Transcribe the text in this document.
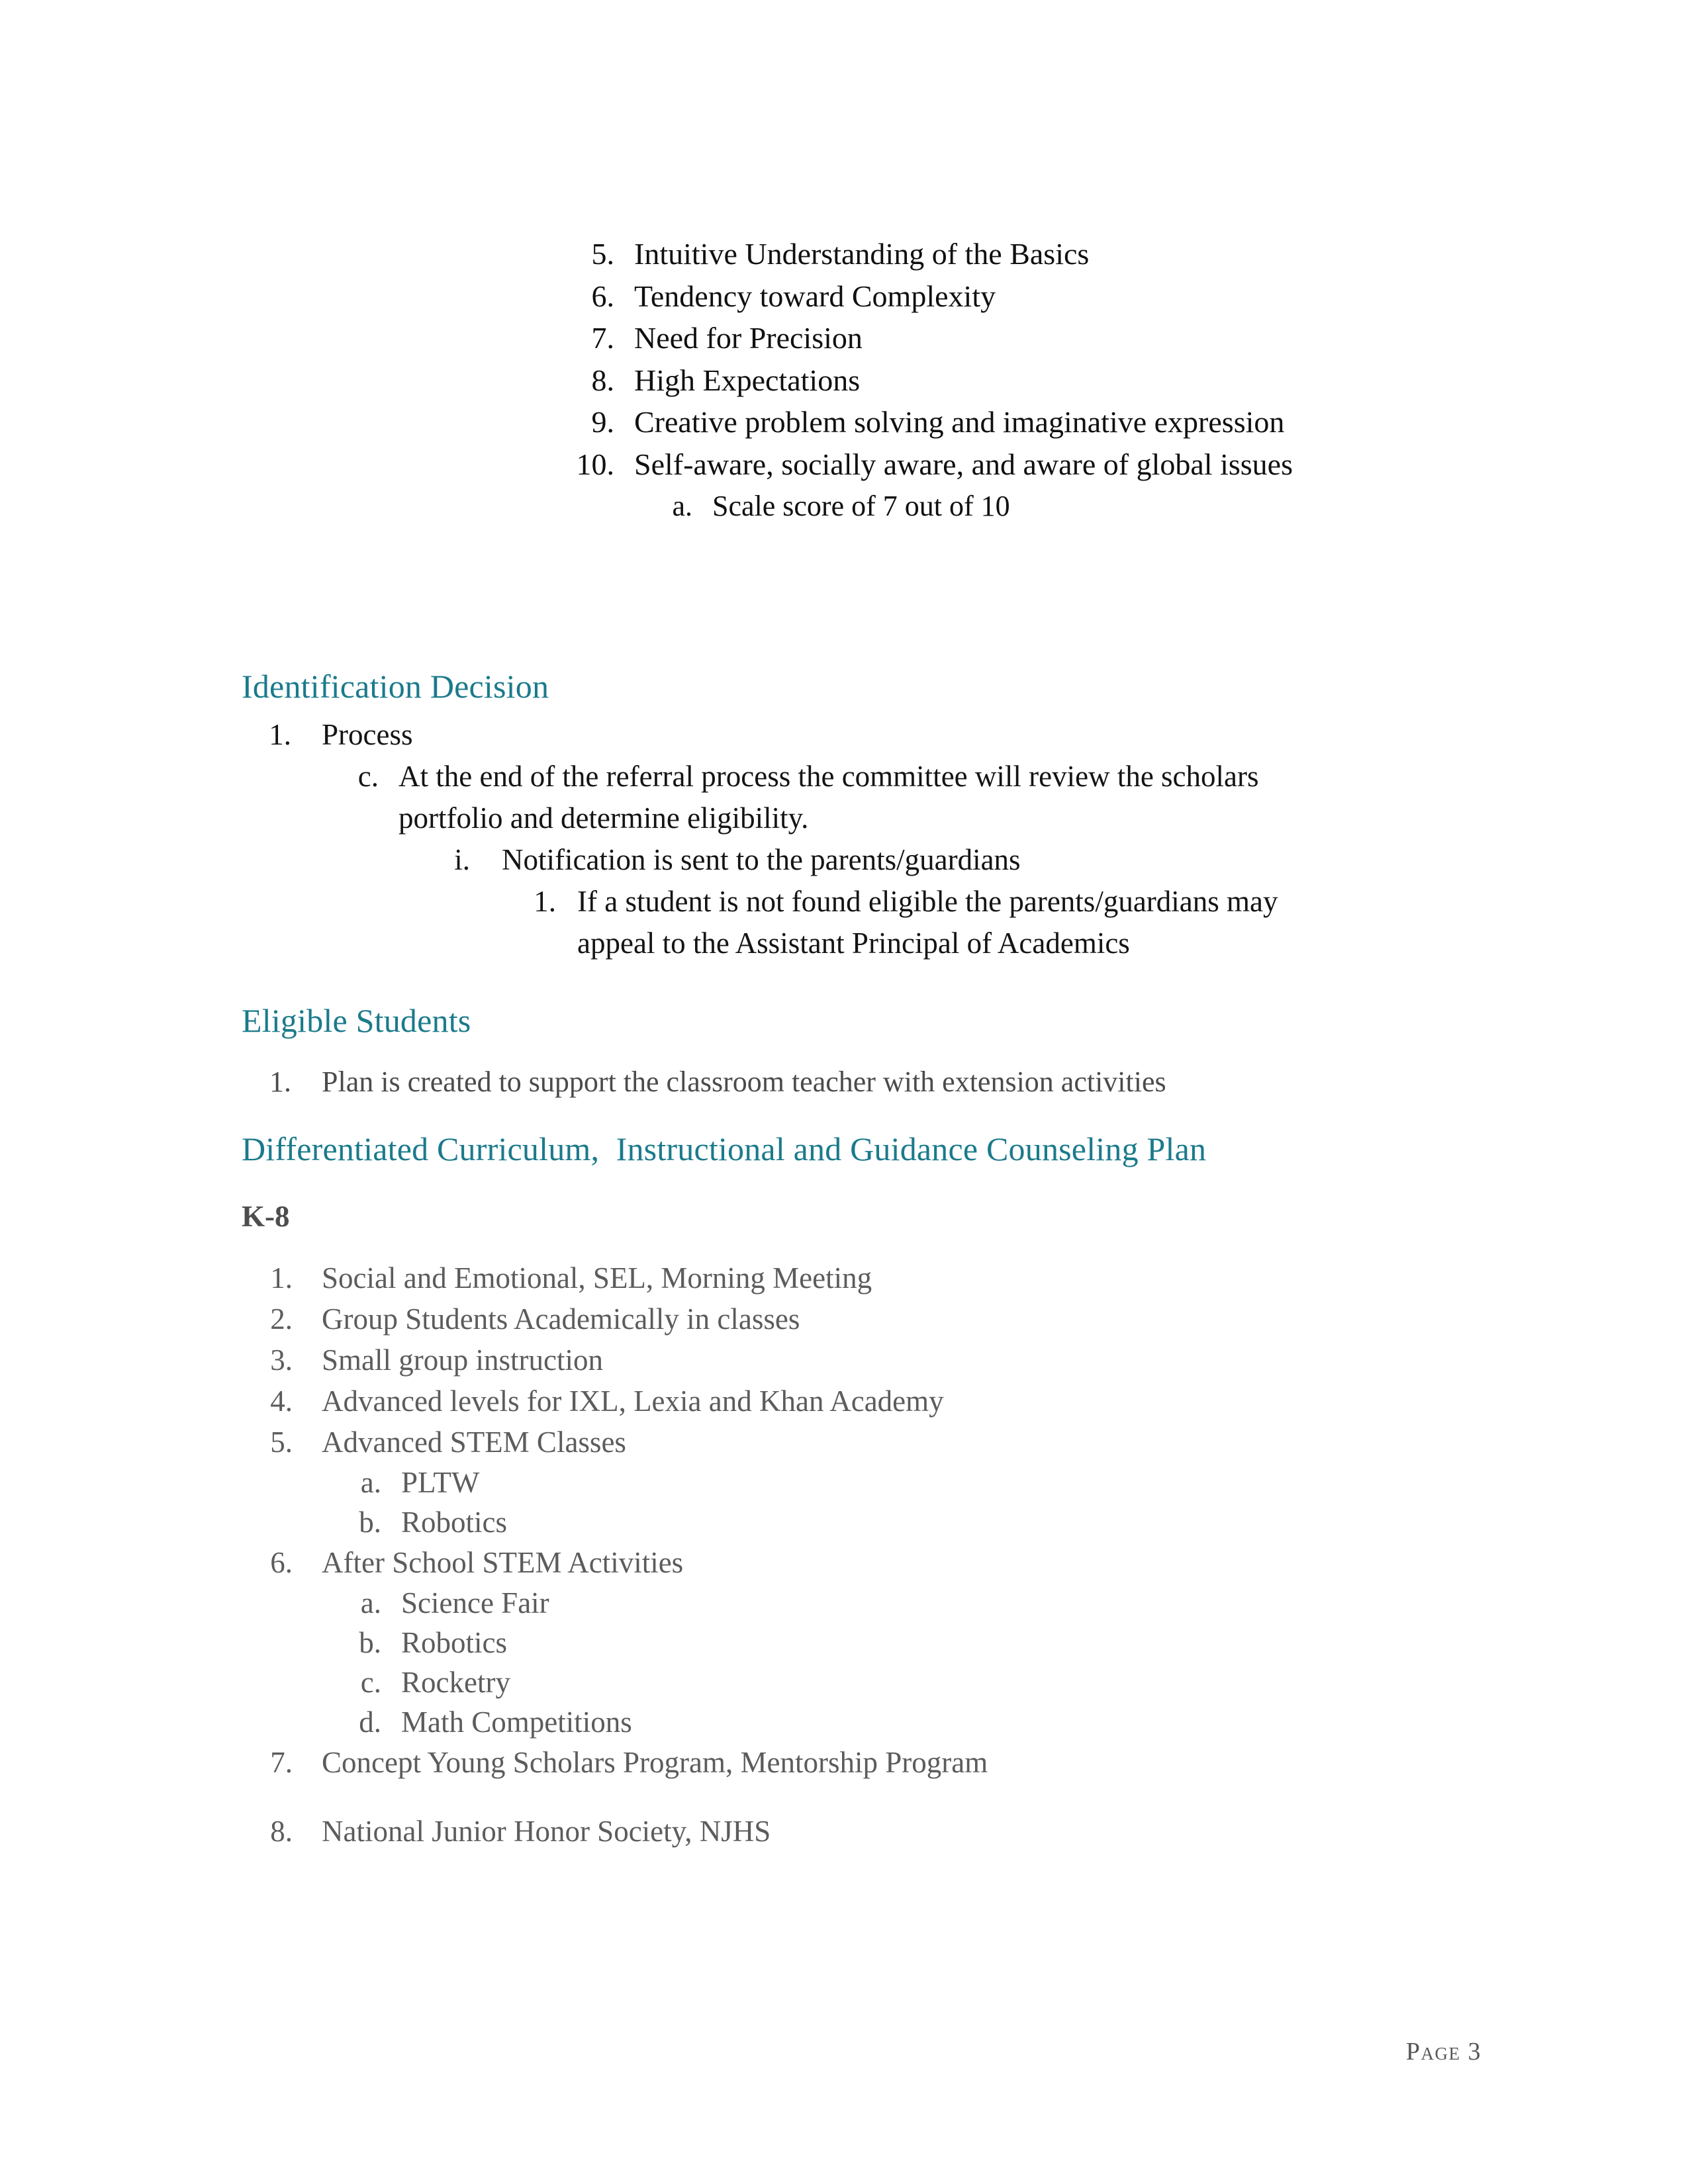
5. Intuitive Understanding of the Basics
6. Tendency toward Complexity
7. Need for Precision
8. High Expectations
9. Creative problem solving and imaginative expression
10. Self-aware, socially aware, and aware of global issues
a. Scale score of 7 out of 10
Identification Decision
1. Process
c. At the end of the referral process the committee will review the scholars portfolio and determine eligibility.
i. Notification is sent to the parents/guardians
1. If a student is not found eligible the parents/guardians may appeal to the Assistant Principal of Academics
Eligible Students
1. Plan is created to support the classroom teacher with extension activities
Differentiated Curriculum,  Instructional and Guidance Counseling Plan
K-8
1. Social and Emotional, SEL, Morning Meeting
2. Group Students Academically in classes
3. Small group instruction
4. Advanced levels for IXL, Lexia and Khan Academy
5. Advanced STEM Classes
a. PLTW
b. Robotics
6. After School STEM Activities
a. Science Fair
b. Robotics
c. Rocketry
d. Math Competitions
7. Concept Young Scholars Program, Mentorship Program
8. National Junior Honor Society, NJHS
Page 3
